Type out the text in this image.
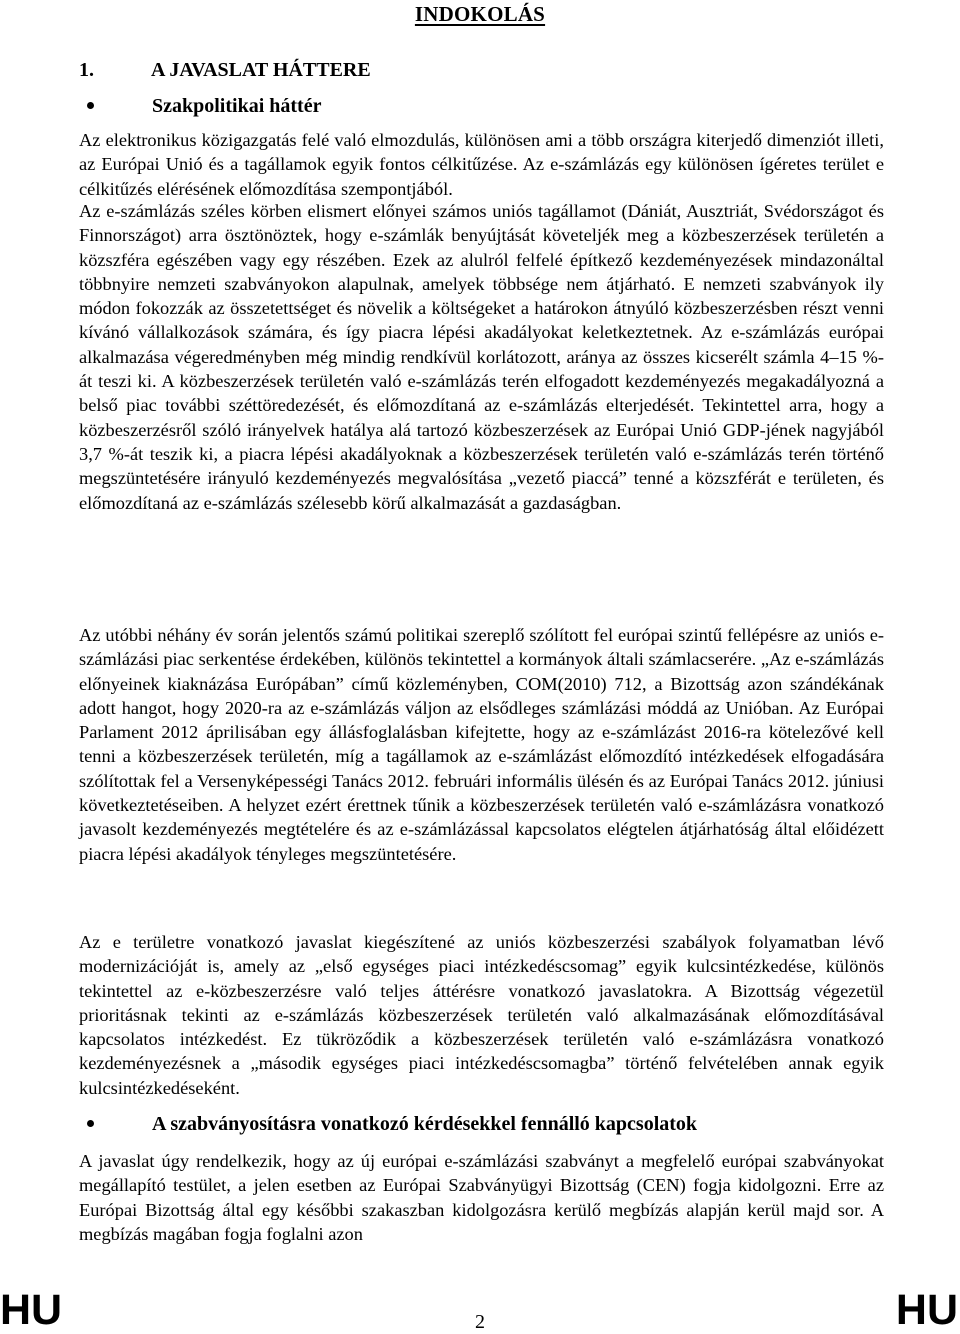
INDOKOLÁS
1.	A JAVASLAT HÁTTERE
Szakpolitikai háttér

Az elektronikus közigazgatás felé való elmozdulás, különösen ami a több országra kiterjedő dimenziót illeti, az Európai Unió és a tagállamok egyik fontos célkitűzése. Az e-számlázás egy különösen ígéretes terület e célkitűzés elérésének előmozdítása szempontjából.

Az e-számlázás széles körben elismert előnyei számos uniós tagállamot (Dániát, Ausztriát, Svédországot és Finnországot) arra ösztönöztek, hogy e-számlák benyújtását követeljék meg a közbeszerzések területén a közszféra egészében vagy egy részében. Ezek az alulról felfelé építkező kezdeményezések mindazonáltal többnyire nemzeti szabványokon alapulnak, amelyek többsége nem átjárható. E nemzeti szabványok ily módon fokozzák az összetettséget és növelik a költségeket a határokon átnyúló közbeszerzésben részt venni kívánó vállalkozások számára, és így piacra lépési akadályokat keletkeztetnek. Az e-számlázás európai alkalmazása végeredményben még mindig rendkívül korlátozott, aránya az összes kicserélt számla 4–15 %-át teszi ki. A közbeszerzések területén való e-számlázás terén elfogadott kezdeményezés megakadályozná a belső piac további széttöredezését, és előmozdítaná az e-számlázás elterjedését. Tekintettel arra, hogy a közbeszerzésről szóló irányelvek hatálya alá tartozó közbeszerzések az Európai Unió GDP-jének nagyjából 3,7 %-át teszik ki, a piacra lépési akadályoknak a közbeszerzések területén való e-számlázás terén történő megszüntetésére irányuló kezdeményezés megvalósítása „vezető piaccá” tenné a közszférát e területen, és előmozdítaná az e-számlázás szélesebb körű alkalmazását a gazdaságban.

Az utóbbi néhány év során jelentős számú politikai szereplő szólított fel európai szintű fellépésre az uniós e-számlázási piac serkentése érdekében, különös tekintettel a kormányok általi számlacserére. „Az e-számlázás előnyeinek kiaknázása Európában” című közleményben, COM(2010) 712, a Bizottság azon szándékának adott hangot, hogy 2020-ra az e-számlázás váljon az elsődleges számlázási móddá az Unióban. Az Európai Parlament 2012 áprilisában egy állásfoglalásban kifejtette, hogy az e-számlázást 2016-ra kötelezővé kell tenni a közbeszerzések területén, míg a tagállamok az e-számlázást előmozdító intézkedések elfogadására szólítottak fel a Versenyképességi Tanács 2012. februári informális ülésén és az Európai Tanács 2012. júniusi következtetéseiben. A helyzet ezért érettnek tűnik a közbeszerzések területén való e-számlázásra vonatkozó javasolt kezdeményezés megtételére és az e-számlázással kapcsolatos elégtelen átjárhatóság által előidézett piacra lépési akadályok tényleges megszüntetésére.

Az e területre vonatkozó javaslat kiegészítené az uniós közbeszerzési szabályok folyamatban lévő modernizációját is, amely az „első egységes piaci intézkedéscsomag” egyik kulcsintézkedése, különös tekintettel az e-közbeszerzésre való teljes áttérésre vonatkozó javaslatokra. A Bizottság végezetül prioritásnak tekinti az e-számlázás közbeszerzések területén való alkalmazásának előmozdításával kapcsolatos intézkedést. Ez tükröződik a közbeszerzések területén való e-számlázásra vonatkozó kezdeményezésnek a „második egységes piaci intézkedéscsomagba” történő felvételében annak egyik kulcsintézkedéseként.

A szabványosításra vonatkozó kérdésekkel fennálló kapcsolatok

A javaslat úgy rendelkezik, hogy az új európai e-számlázási szabványt a megfelelő európai szabványokat megállapító testület, a jelen esetben az Európai Szabványügyi Bizottság (CEN) fogja kidolgozni. Erre az Európai Bizottság által egy későbbi szakaszban kidolgozásra kerülő megbízás alapján kerül majd sor. A megbízás magában fogja foglalni azon

HU	2	HU
